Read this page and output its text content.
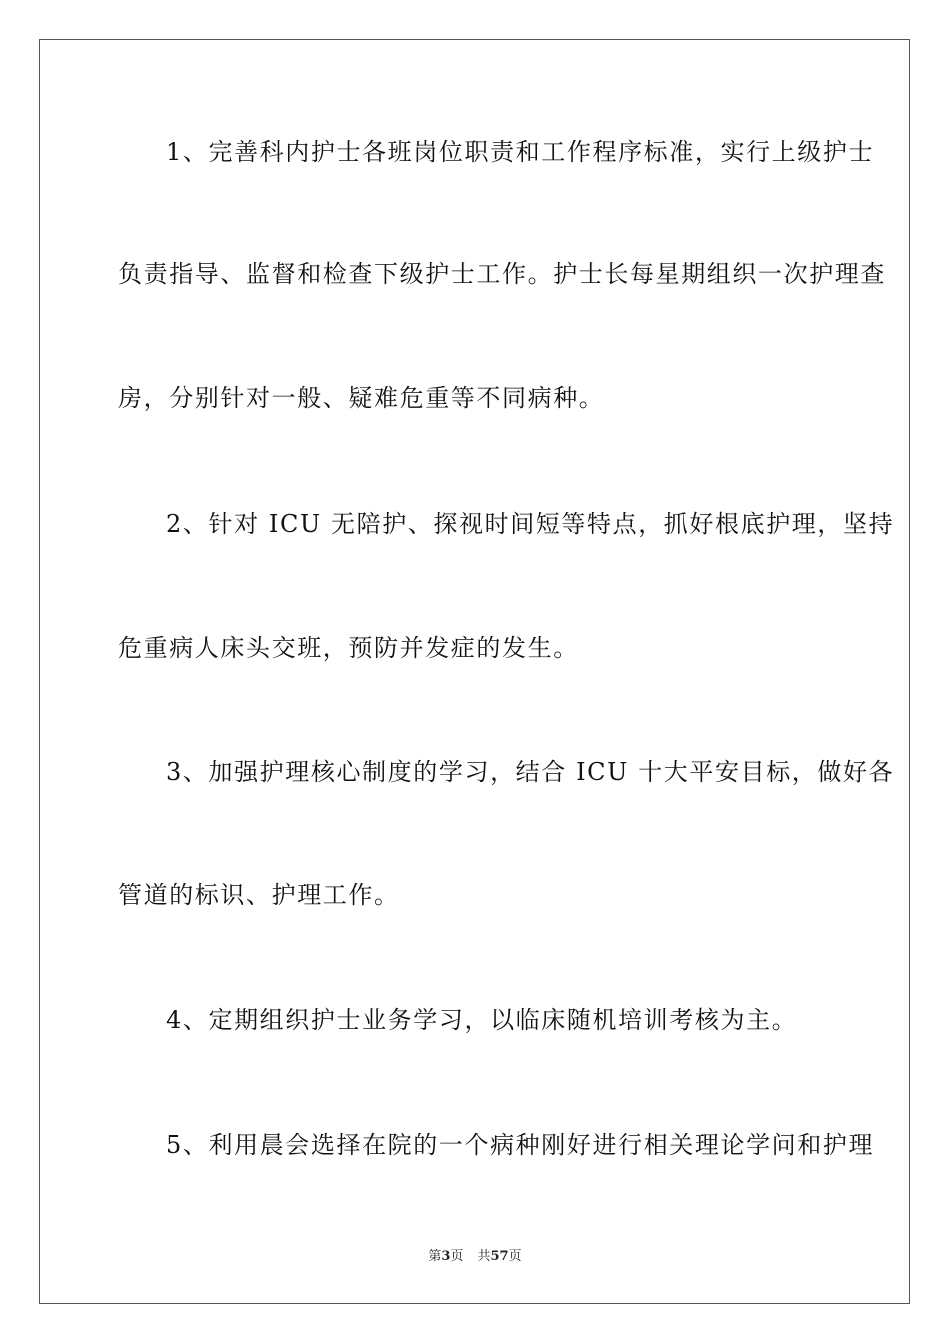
1、完善科内护士各班岗位职责和工作程序标准，实行上级护士
负责指导、监督和检查下级护士工作。护士长每星期组织一次护理查
房，分别针对一般、疑难危重等不同病种。
2、针对 ICU 无陪护、探视时间短等特点，抓好根底护理，坚持
危重病人床头交班，预防并发症的发生。
3、加强护理核心制度的学习，结合 ICU 十大平安目标，做好各
管道的标识、护理工作。
4、定期组织护士业务学习，以临床随机培训考核为主。
5、利用晨会选择在院的一个病种刚好进行相关理论学问和护理
第3页 共57页
